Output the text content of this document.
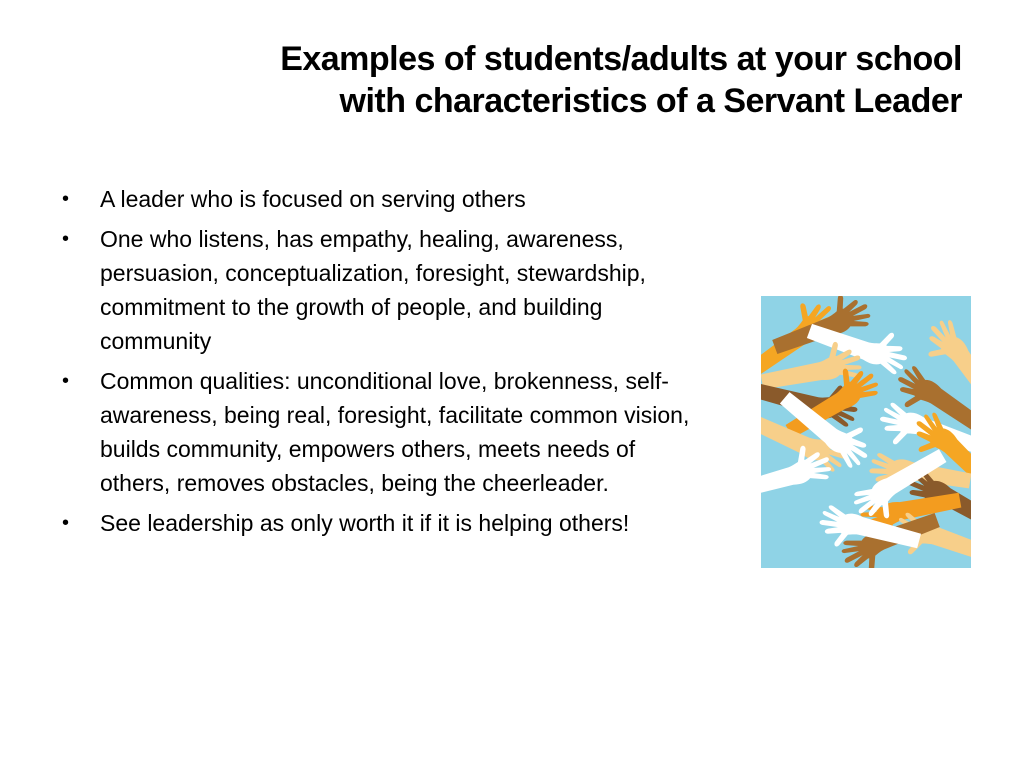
Examples of students/adults at your school
with characteristics of a Servant Leader
• A leader who is focused on serving others
• One who listens, has empathy, healing, awareness, persuasion, conceptualization, foresight, stewardship, commitment to the growth of people, and building community
• Common qualities: unconditional love, brokenness, self-awareness, being real, foresight, facilitate common vision, builds community, empowers others, meets needs of others, removes obstacles, being the cheerleader.
• See leadership as only worth it if it is helping others!
